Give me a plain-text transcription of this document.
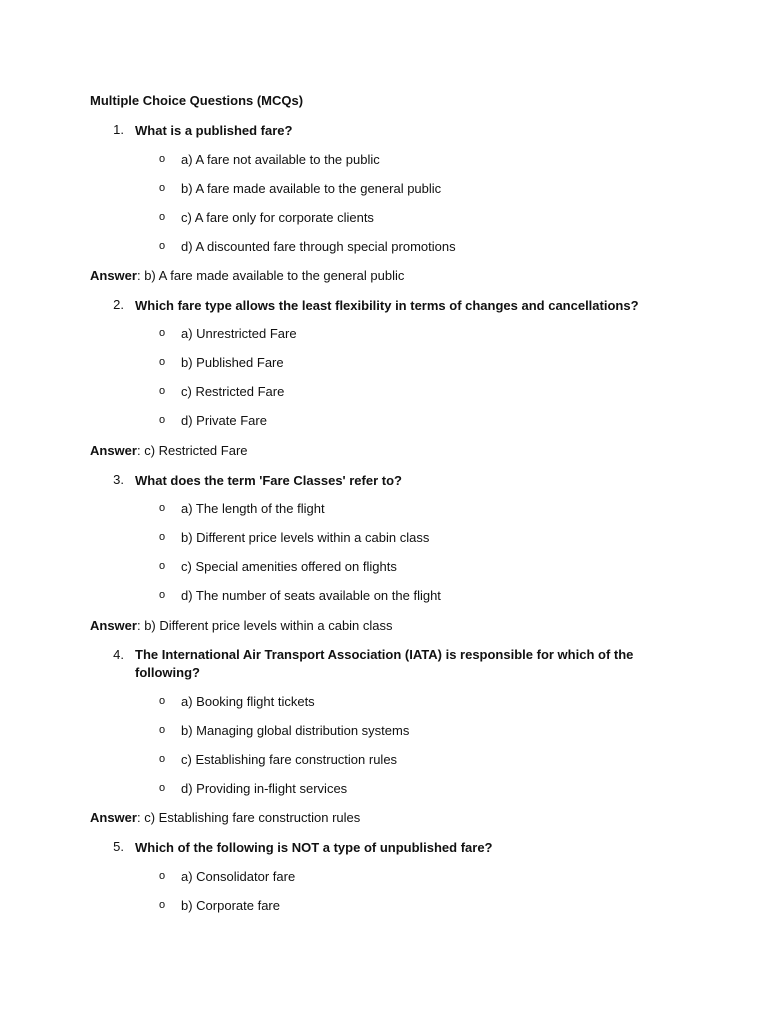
Multiple Choice Questions (MCQs)
1. What is a published fare?
o a) A fare not available to the public
o b) A fare made available to the general public
o c) A fare only for corporate clients
o d) A discounted fare through special promotions
Answer: b) A fare made available to the general public
2. Which fare type allows the least flexibility in terms of changes and cancellations?
o a) Unrestricted Fare
o b) Published Fare
o c) Restricted Fare
o d) Private Fare
Answer: c) Restricted Fare
3. What does the term 'Fare Classes' refer to?
o a) The length of the flight
o b) Different price levels within a cabin class
o c) Special amenities offered on flights
o d) The number of seats available on the flight
Answer: b) Different price levels within a cabin class
4. The International Air Transport Association (IATA) is responsible for which of the following?
o a) Booking flight tickets
o b) Managing global distribution systems
o c) Establishing fare construction rules
o d) Providing in-flight services
Answer: c) Establishing fare construction rules
5. Which of the following is NOT a type of unpublished fare?
o a) Consolidator fare
o b) Corporate fare
